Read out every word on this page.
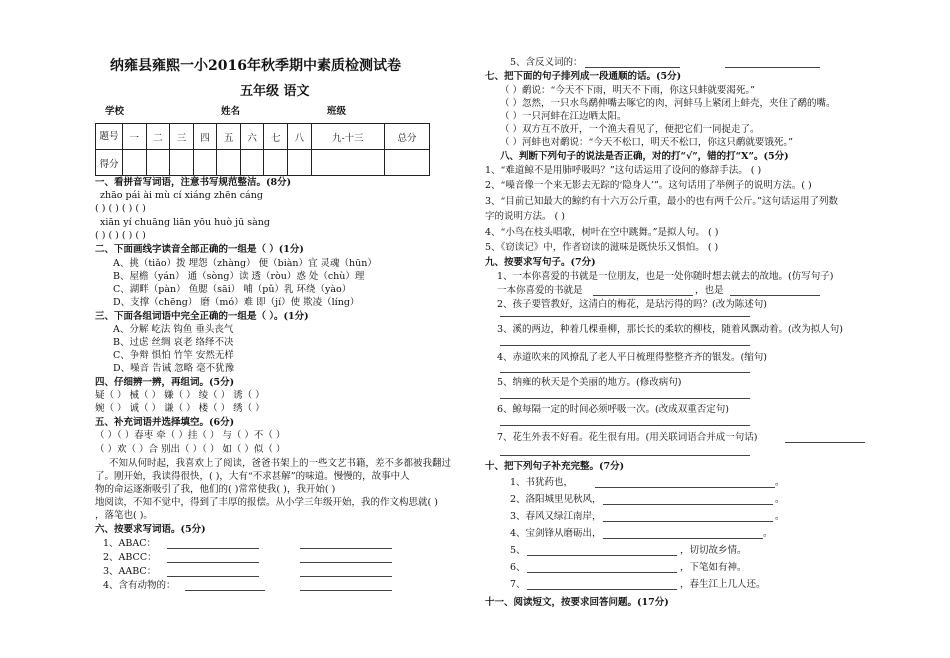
纳雍县雍熙一小2016年秋季期中素质检测试卷
五年级 语文
学校	姓名	班级
题号	一	二	三	四	五	六	七	八	九-十三	总分
得分										
一、看拼音写词语，注意书写规范整洁。(8分)
zhāo pái ài mù cí xiáng zhēn cáng
( ) ( ) ( ) ( )
xiān yí chuāng liān yōu huò jū sàng
( ) ( ) ( ) ( )
二、下面画线字读音全部正确的一组是（ ）(1分)
A、挑（tiǎo）拨 埋怨（zhàng） 便（biàn）宜 灵魂（hūn）
B、屋檐（yán） 通（sòng）读 透（ròu）惑 处（chù）理
C、湖畔（pàn） 鱼腮（sāi） 哺（pǔ）乳 环绕（yào）
D、支撑（chēng） 磨（mó）难 即（jí）使 欺凌（líng）
三、下面各组词语中完全正确的一组是（ ）。(1分)
A、分解 屹法 钩鱼 垂头丧气
B、过虑 丝绸 哀老 络绎不决
C、争辩 惧怕 竹竿 安然无样
D、噪音 告诫 忽略 毫不犹豫
四、仔细辨一辨，再组词。(5分)
疑（ ） 械（ ） 嫌（ ） 绫（ ） 诱（ ）
婉（ ） 诚（ ） 谦（ ） 楼（ ） 绣（ ）
五、补充词语并选择填空。(6分)
（ ）（ ）春枣 牵（ ）挂（ ） 与（ ）不（ ）
（ ）欢（ ）合 别出（ ）（ ） 如（ ）似（ ）
不知从何时起，我喜欢上了阅读，爸爸书架上的一些文艺书籍，差不多都被我翻过
了。刚开始，我读得很快，( )，大有“不求甚解”的味道。慢慢的，故事中人
物的命运逐渐吸引了我，他们的( )常常使我( )，我开始( )
地阅读，不知不觉中，得到了丰厚的报偿。从小学三年级开始，我的作文构思就( )
，落笔也( )。
六、按要求写词语。(5分)
1、ABAC：
2、ABCC：
3、AABC：
4、含有动物的：
5、含反义词的：
七、把下面的句子排列成一段通顺的话。(5分)
（ ）鹬说：“今天不下雨，明天不下雨，你这只蚌就要渴死。”
（ ）忽然，一只水鸟鹬伸嘴去啄它的肉，河蚌马上紧闭上蚌壳，夹住了鹬的嘴。
（ ）一只河蚌在江边晒太阳。
（ ）双方互不放开，一个渔夫看见了，便把它们一同捉走了。
（ ）河蚌也对鹬说：“今天不松口，明天不松口，你这只鹬就要饿死。”
八、判断下列句子的说法是否正确，对的打“√”，错的打“X”。(5分)
1、“难道鲸不是用肺呼吸吗？”这句话运用了设问的修辞手法。 ( )
2、“噪音像一个来无影去无踪的‘隐身人’”。这句话用了举例子的说明方法。( )
3、“目前已知最大的鲸约有十六万公斤重，最小的也有两千公斤。”这句话运用了列数
字的说明方法。 ( )
4、“小鸟在枝头唱歌，树叶在空中跳舞。”是拟人句。 ( )
5、《窃读记》中，作者窃读的滋味是既快乐又惧怕。 ( )
九、按要求写句子。(7分)
1、一本你喜爱的书就是一位朋友，也是一处你随时想去就去的故地。(仿写句子)
一本你喜爱的书就是	，也是
2、孩子要管教好，这清白的梅花，是玷污得的吗？(改为陈述句)
3、溪的两边，种着几棵垂柳，那长长的柔软的柳枝，随着风飘动着。(改为拟人句)
4、赤道吹来的风撩乱了老人平日梳理得整整齐齐的银发。(缩句)
5、纳雍的秋天是个美丽的地方。(修改病句)
6、鲸每隔一定的时间必须呼吸一次。(改成双重否定句)
7、花生外表不好看。花生很有用。(用关联词语合并成一句话)
十、把下列句子补充完整。(7分)
1、书犹药也，	。
2、洛阳城里见秋风，	。
3、春风又绿江南岸，	。
4、宝剑锋从磨砺出，	。
5、	，切切故乡情。
6、	，下笔如有神。
7、	，春生江上几人还。
十一、阅读短文，按要求回答问题。(17分)
